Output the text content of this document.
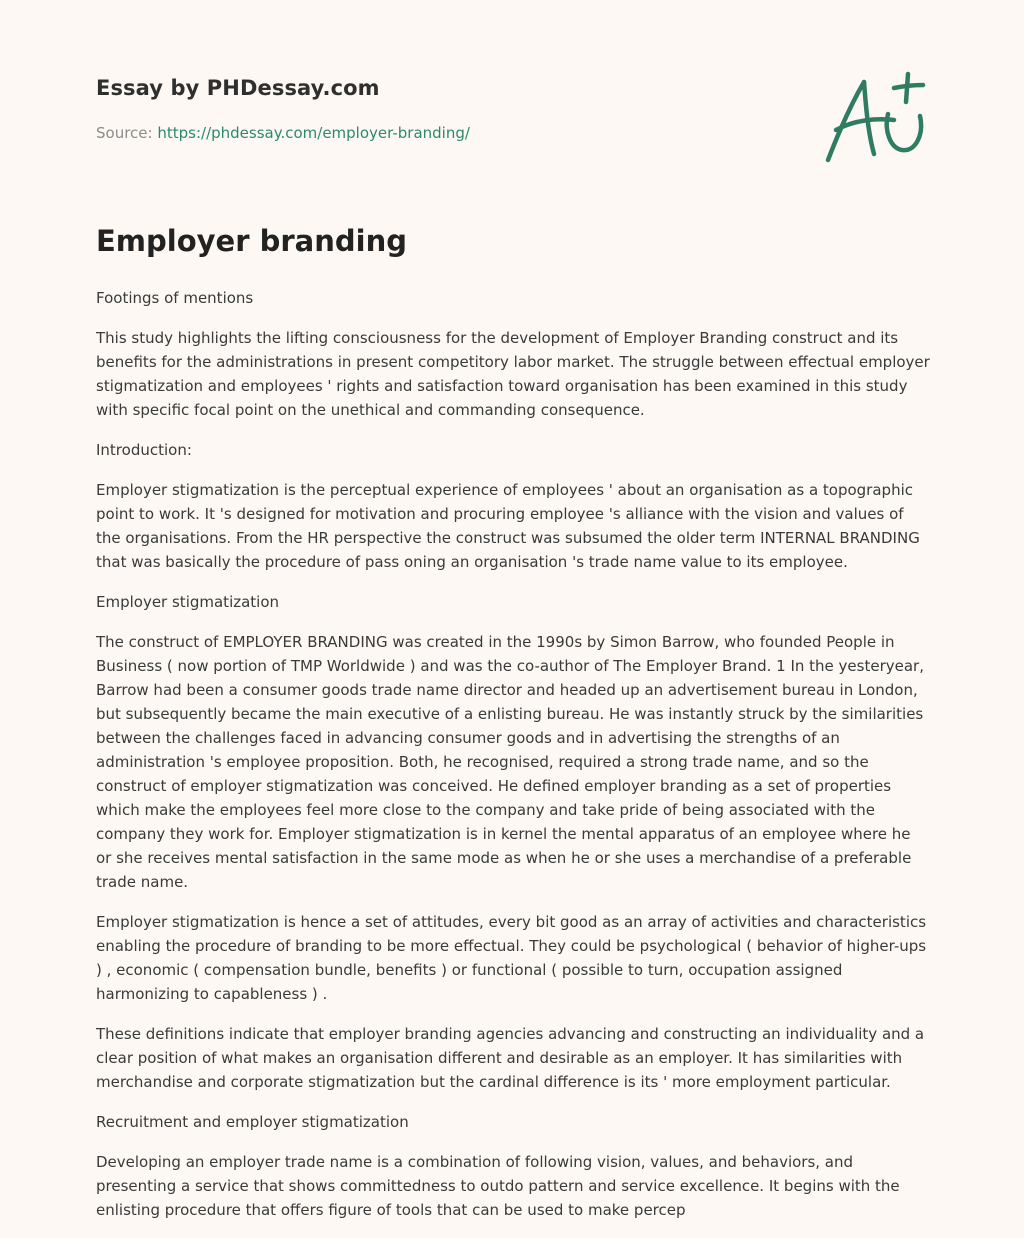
Essay by PHDessay.com
Source: https://phdessay.com/employer-branding/
Employer branding

Footings of mentions

This study highlights the lifting consciousness for the development of Employer Branding construct and its benefits for the administrations in present competitory labor market. The struggle between effectual employer stigmatization and employees ' rights and satisfaction toward organisation has been examined in this study with specific focal point on the unethical and commanding consequence.

Introduction:

Employer stigmatization is the perceptual experience of employees ' about an organisation as a topographic point to work. It 's designed for motivation and procuring employee 's alliance with the vision and values of the organisations. From the HR perspective the construct was subsumed the older term INTERNAL BRANDING that was basically the procedure of pass oning an organisation 's trade name value to its employee.

Employer stigmatization

The construct of EMPLOYER BRANDING was created in the 1990s by Simon Barrow, who founded People in Business ( now portion of TMP Worldwide ) and was the co-author of The Employer Brand. 1 In the yesteryear, Barrow had been a consumer goods trade name director and headed up an advertisement bureau in London, but subsequently became the main executive of a enlisting bureau. He was instantly struck by the similarities between the challenges faced in advancing consumer goods and in advertising the strengths of an administration 's employee proposition. Both, he recognised, required a strong trade name, and so the construct of employer stigmatization was conceived. He defined employer branding as a set of properties which make the employees feel more close to the company and take pride of being associated with the company they work for. Employer stigmatization is in kernel the mental apparatus of an employee where he or she receives mental satisfaction in the same mode as when he or she uses a merchandise of a preferable trade name.

Employer stigmatization is hence a set of attitudes, every bit good as an array of activities and characteristics enabling the procedure of branding to be more effectual. They could be psychological ( behavior of higher-ups ) , economic ( compensation bundle, benefits ) or functional ( possible to turn, occupation assigned harmonizing to capableness ) .

These definitions indicate that employer branding agencies advancing and constructing an individuality and a clear position of what makes an organisation different and desirable as an employer. It has similarities with merchandise and corporate stigmatization but the cardinal difference is its ' more employment particular.

Recruitment and employer stigmatization

Developing an employer trade name is a combination of following vision, values, and behaviors, and presenting a service that shows committedness to outdo pattern and service excellence. It begins with the enlisting procedure that offers figure of tools that can be used to make percep
